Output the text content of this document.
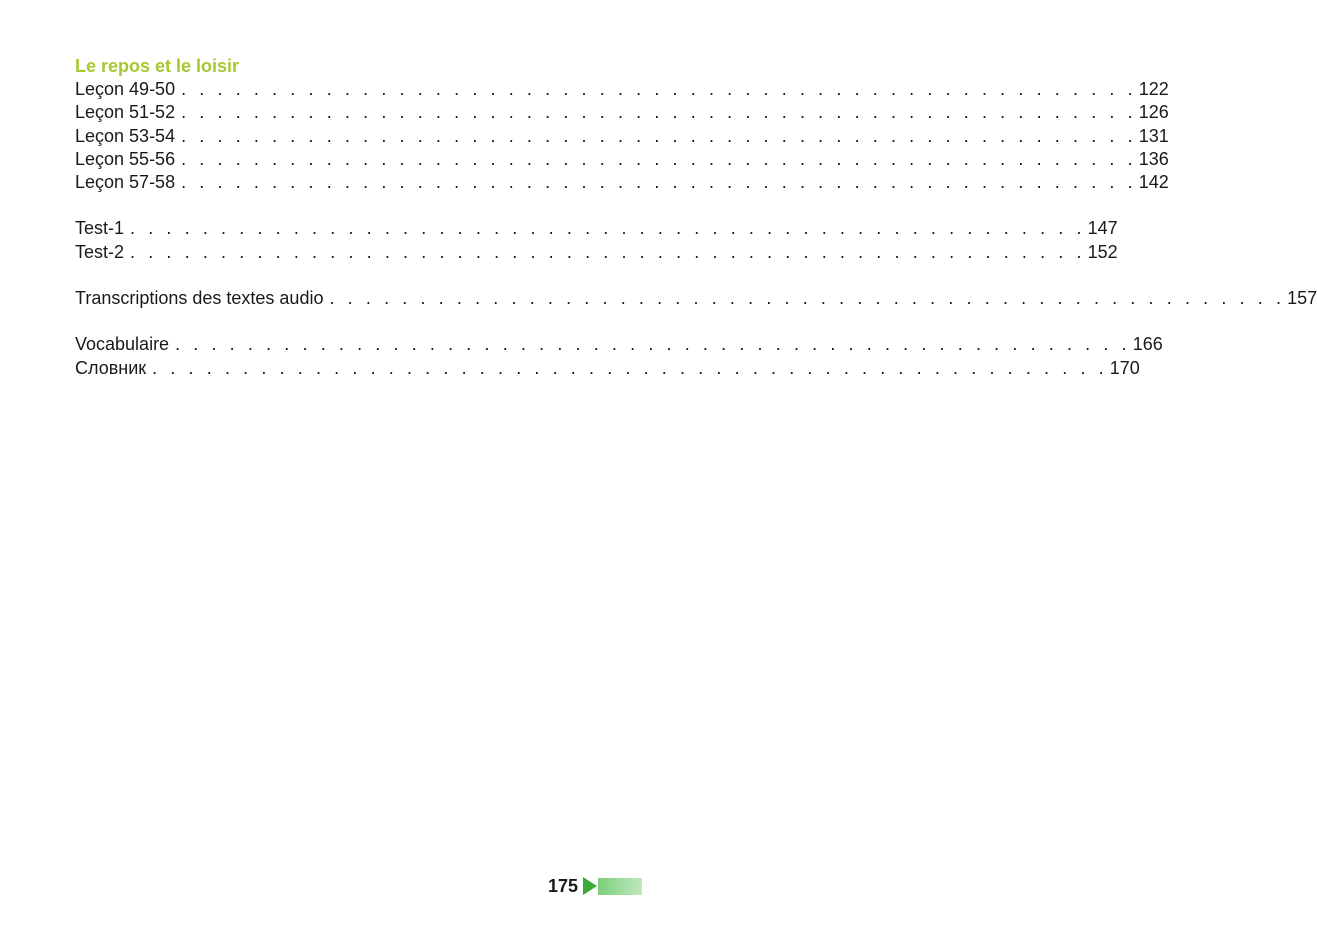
Le repos et le loisir
Leçon 49-50 . . . . . . . . . . . . . . . . . . . . . . . . . . . . . . . . . . . . . . . . . . . . . . . . . . . . . 122
Leçon 51-52 . . . . . . . . . . . . . . . . . . . . . . . . . . . . . . . . . . . . . . . . . . . . . . . . . . . . . 126
Leçon 53-54 . . . . . . . . . . . . . . . . . . . . . . . . . . . . . . . . . . . . . . . . . . . . . . . . . . . . . 131
Leçon 55-56 . . . . . . . . . . . . . . . . . . . . . . . . . . . . . . . . . . . . . . . . . . . . . . . . . . . . . 136
Leçon 57-58 . . . . . . . . . . . . . . . . . . . . . . . . . . . . . . . . . . . . . . . . . . . . . . . . . . . . . 142
Test-1 . . . . . . . . . . . . . . . . . . . . . . . . . . . . . . . . . . . . . . . . . . . . . . . . . . . . . 147
Test-2 . . . . . . . . . . . . . . . . . . . . . . . . . . . . . . . . . . . . . . . . . . . . . . . . . . . . . 152
Transcriptions des textes audio . . . . . . . . . . . . . . . . . . . . . . . . . . . . . . . . . . . . . . . . . . . . . . . . . . . . . 157
Vocabulaire . . . . . . . . . . . . . . . . . . . . . . . . . . . . . . . . . . . . . . . . . . . . . . . . . . . . . 166
Словник . . . . . . . . . . . . . . . . . . . . . . . . . . . . . . . . . . . . . . . . . . . . . . . . . . . . . 170
175
